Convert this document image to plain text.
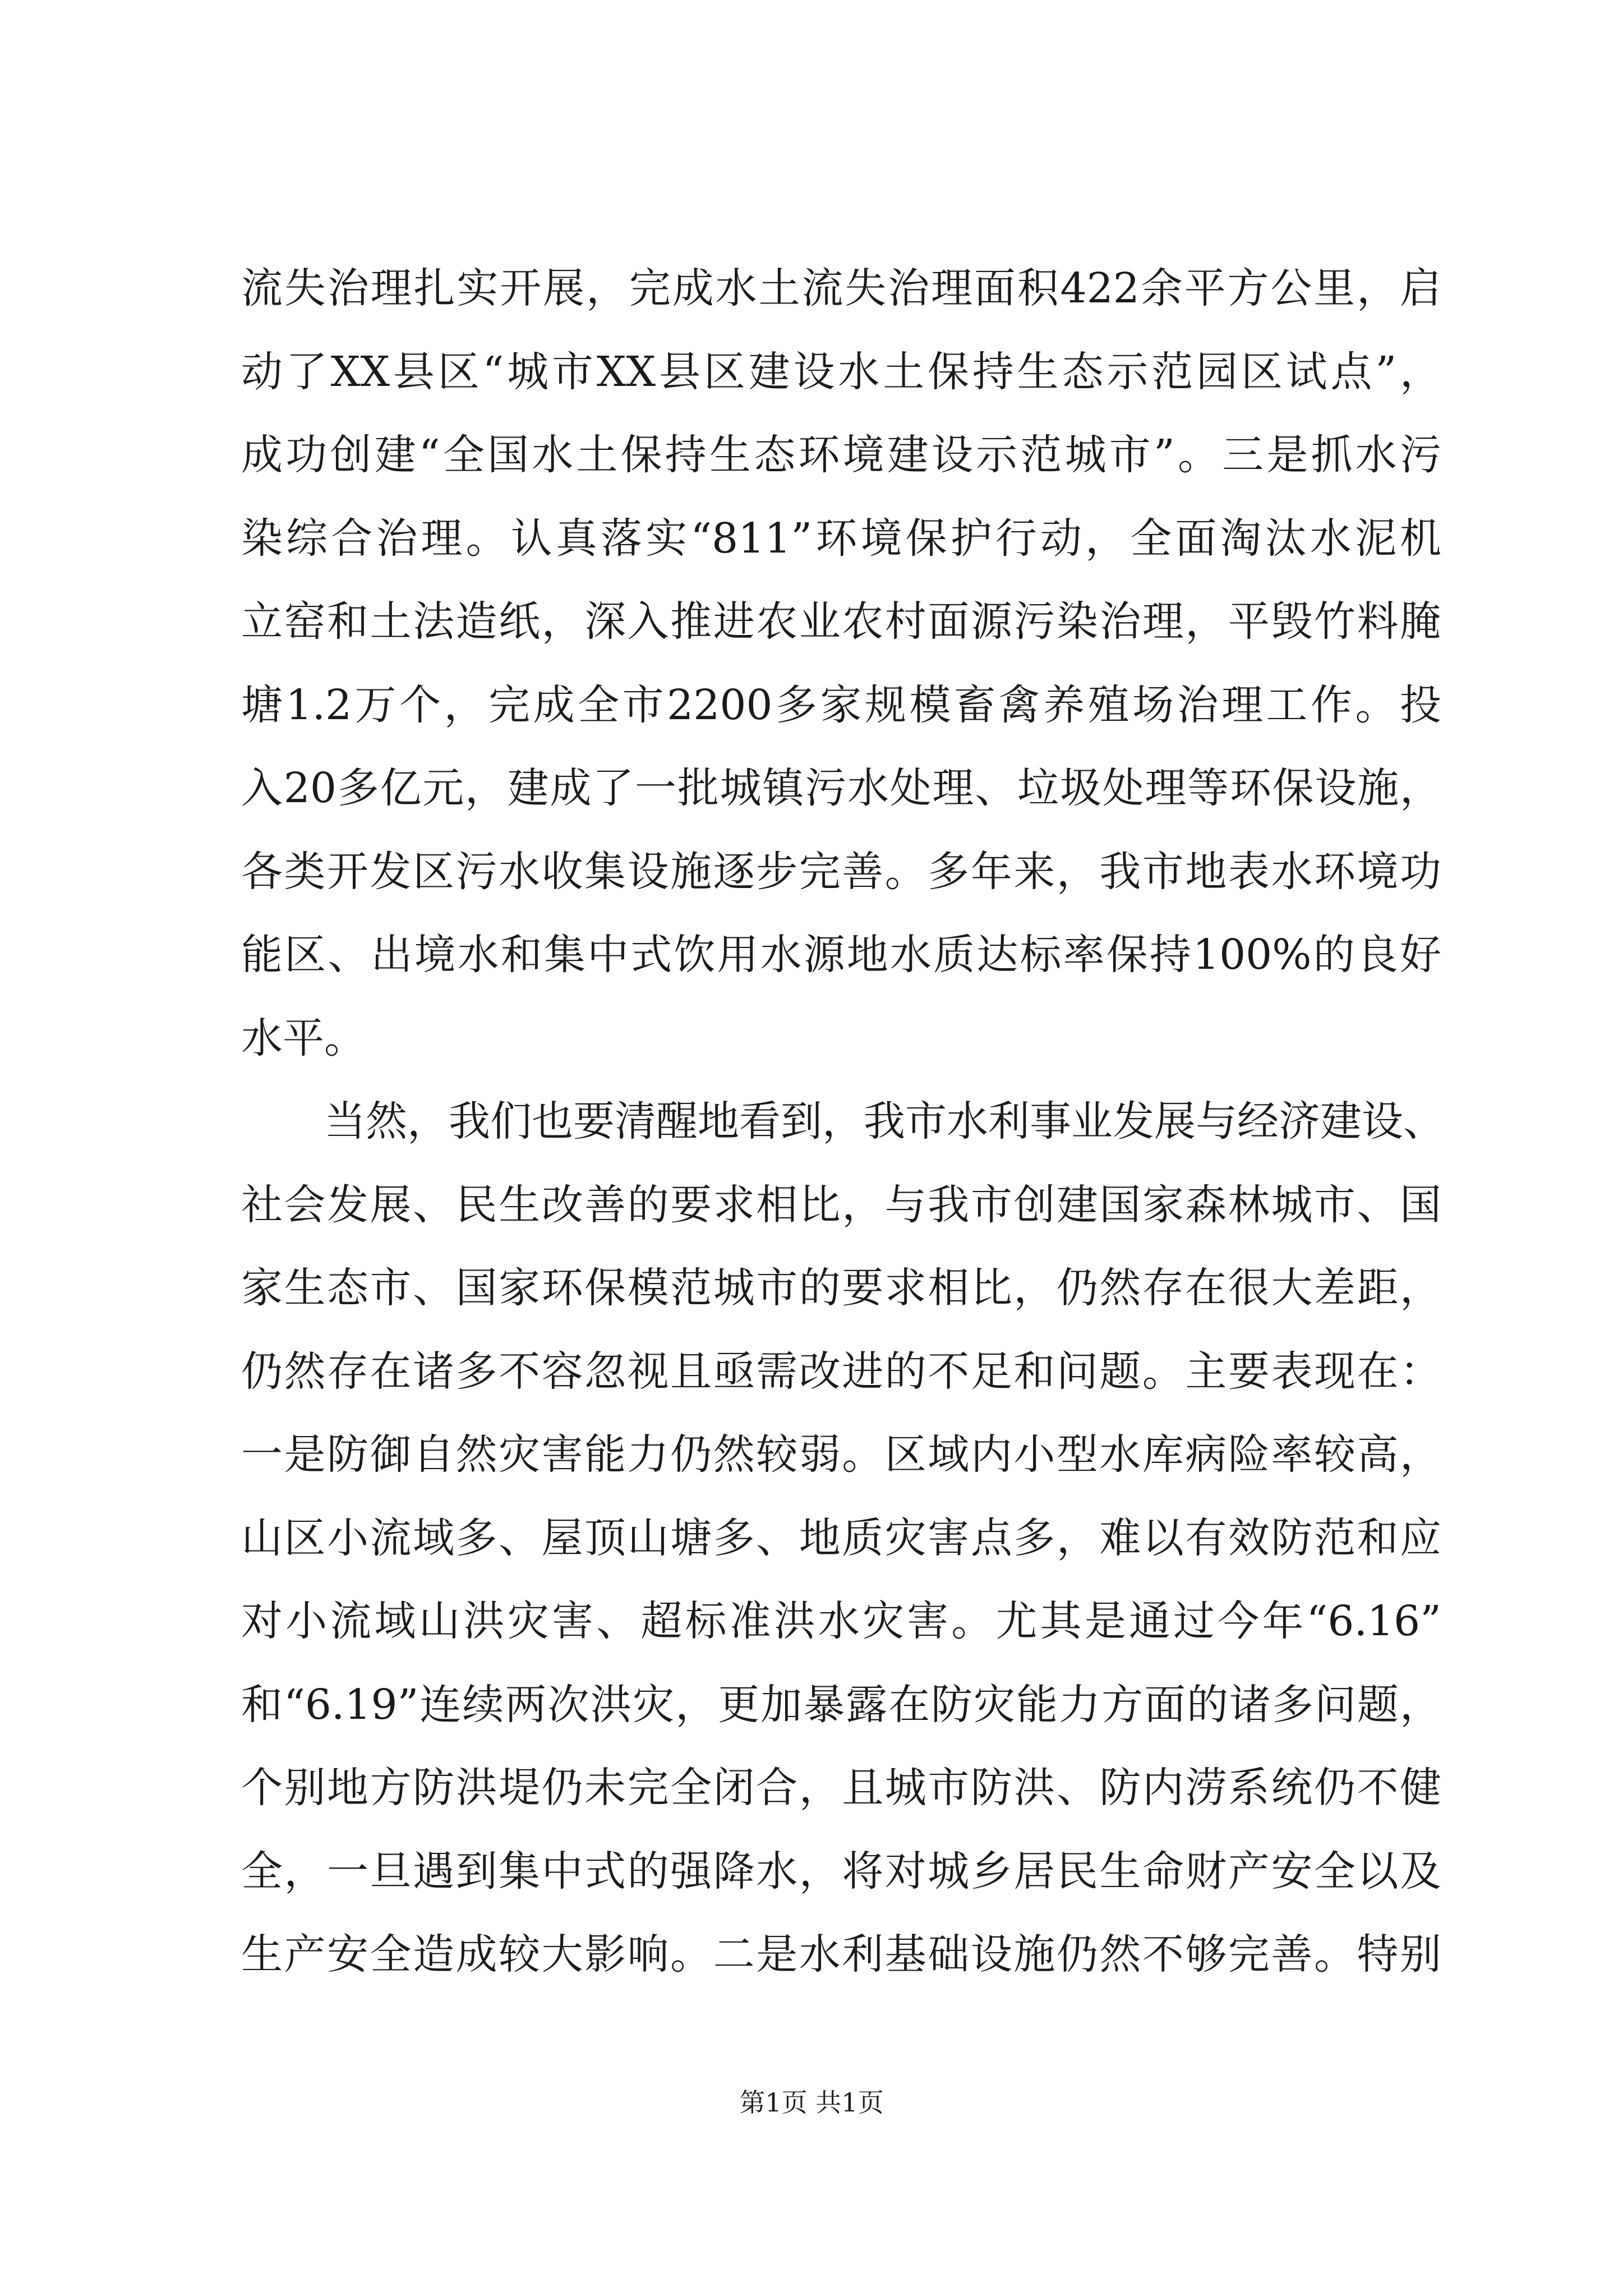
流失治理扎实开展，完成水土流失治理面积422余平方公里，启
动了XX县区“城市XX县区建设水土保持生态示范园区试点”，
成功创建“全国水土保持生态环境建设示范城市”。三是抓水污
染综合治理。认真落实“811”环境保护行动，全面淘汰水泥机
立窑和土法造纸，深入推进农业农村面源污染治理，平毁竹料腌
塘1.2万个，完成全市2200多家规模畜禽养殖场治理工作。投
入20多亿元，建成了一批城镇污水处理、垃圾处理等环保设施，
各类开发区污水收集设施逐步完善。多年来，我市地表水环境功
能区、出境水和集中式饮用水源地水质达标率保持100%的良好
水平。
当然，我们也要清醒地看到，我市水利事业发展与经济建设、
社会发展、民生改善的要求相比，与我市创建国家森林城市、国
家生态市、国家环保模范城市的要求相比，仍然存在很大差距，
仍然存在诸多不容忽视且亟需改进的不足和问题。主要表现在：
一是防御自然灾害能力仍然较弱。区域内小型水库病险率较高，
山区小流域多、屋顶山塘多、地质灾害点多，难以有效防范和应
对小流域山洪灾害、超标准洪水灾害。尤其是通过今年“6.16”
和“6.19”连续两次洪灾，更加暴露在防灾能力方面的诸多问题，
个别地方防洪堤仍未完全闭合，且城市防洪、防内涝系统仍不健
全，一旦遇到集中式的强降水，将对城乡居民生命财产安全以及
生产安全造成较大影响。二是水利基础设施仍然不够完善。特别
第1页 共1页
